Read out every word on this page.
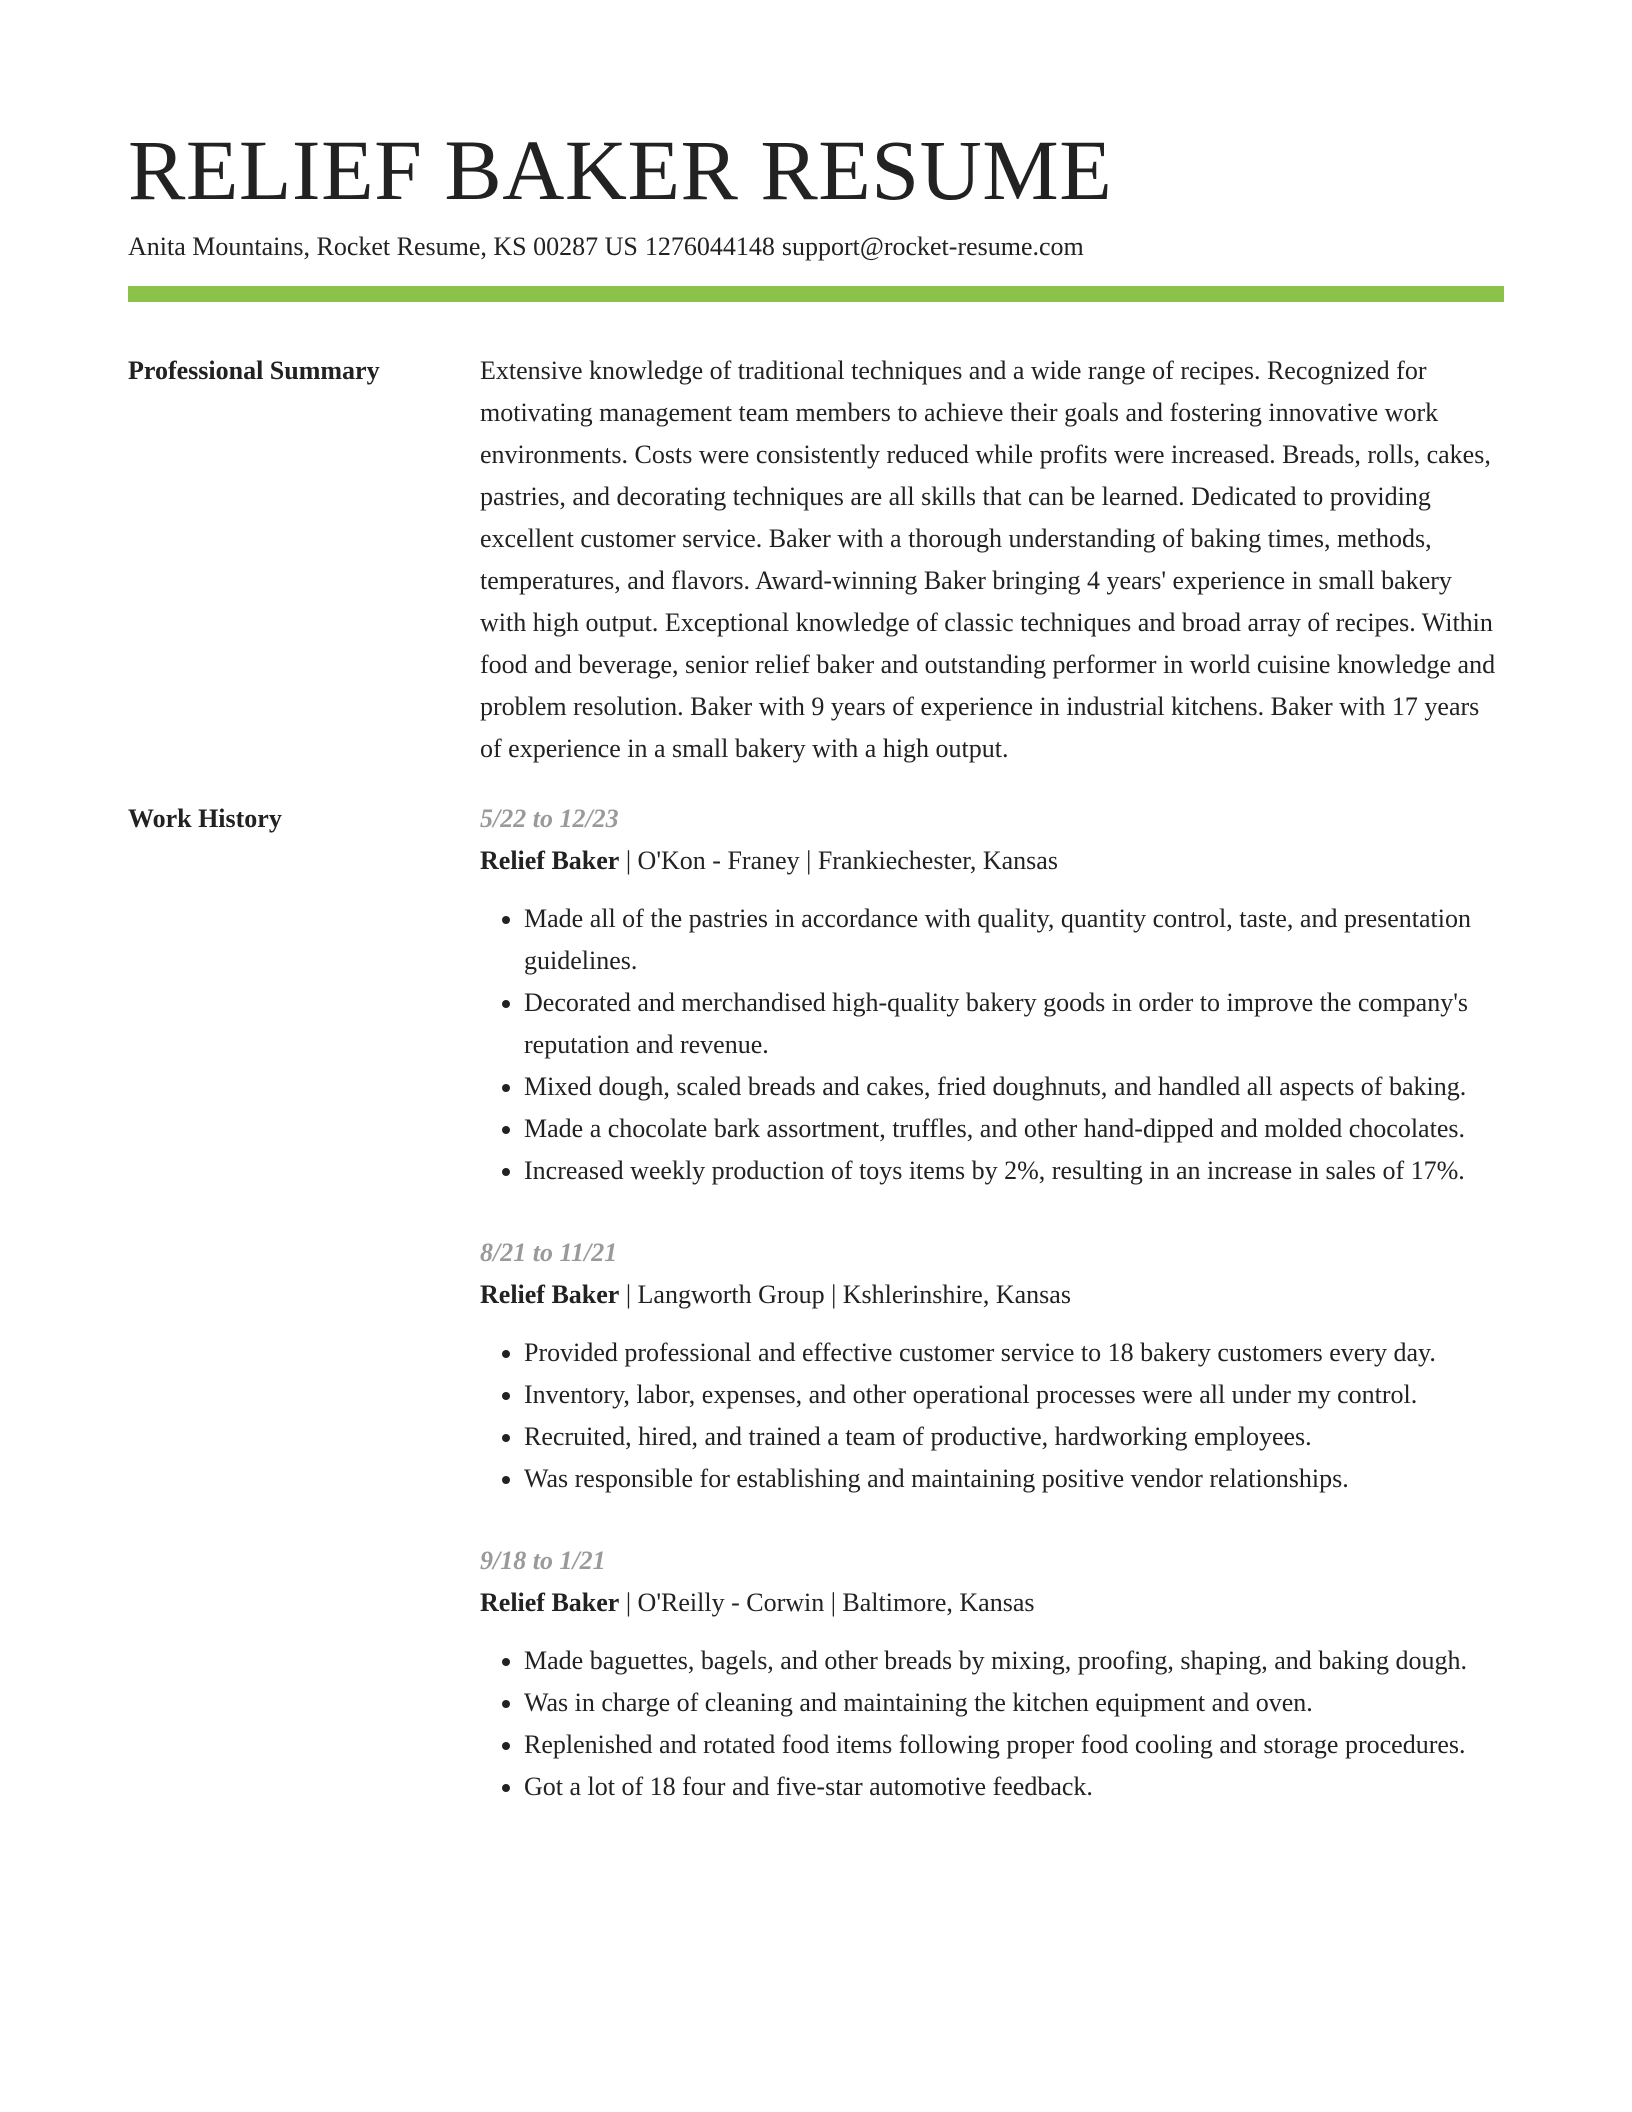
RELIEF BAKER RESUME
Anita Mountains, Rocket Resume, KS 00287 US 1276044148 support@rocket-resume.com
Professional Summary	Extensive knowledge of traditional techniques and a wide range of recipes. Recognized for motivating management team members to achieve their goals and fostering innovative work environments. Costs were consistently reduced while profits were increased. Breads, rolls, cakes, pastries, and decorating techniques are all skills that can be learned. Dedicated to providing excellent customer service. Baker with a thorough understanding of baking times, methods, temperatures, and flavors. Award-winning Baker bringing 4 years' experience in small bakery with high output. Exceptional knowledge of classic techniques and broad array of recipes. Within food and beverage, senior relief baker and outstanding performer in world cuisine knowledge and problem resolution. Baker with 9 years of experience in industrial kitchens. Baker with 17 years of experience in a small bakery with a high output.

Work History	5/22 to 12/23
Relief Baker | O'Kon - Franey | Frankiechester, Kansas
• Made all of the pastries in accordance with quality, quantity control, taste, and presentation guidelines.
• Decorated and merchandised high-quality bakery goods in order to improve the company's reputation and revenue.
• Mixed dough, scaled breads and cakes, fried doughnuts, and handled all aspects of baking.
• Made a chocolate bark assortment, truffles, and other hand-dipped and molded chocolates.
• Increased weekly production of toys items by 2%, resulting in an increase in sales of 17%.
8/21 to 11/21
Relief Baker | Langworth Group | Kshlerinshire, Kansas
• Provided professional and effective customer service to 18 bakery customers every day.
• Inventory, labor, expenses, and other operational processes were all under my control.
• Recruited, hired, and trained a team of productive, hardworking employees.
• Was responsible for establishing and maintaining positive vendor relationships.
9/18 to 1/21
Relief Baker | O'Reilly - Corwin | Baltimore, Kansas
• Made baguettes, bagels, and other breads by mixing, proofing, shaping, and baking dough.
• Was in charge of cleaning and maintaining the kitchen equipment and oven.
• Replenished and rotated food items following proper food cooling and storage procedures.
• Got a lot of 18 four and five-star automotive feedback.
